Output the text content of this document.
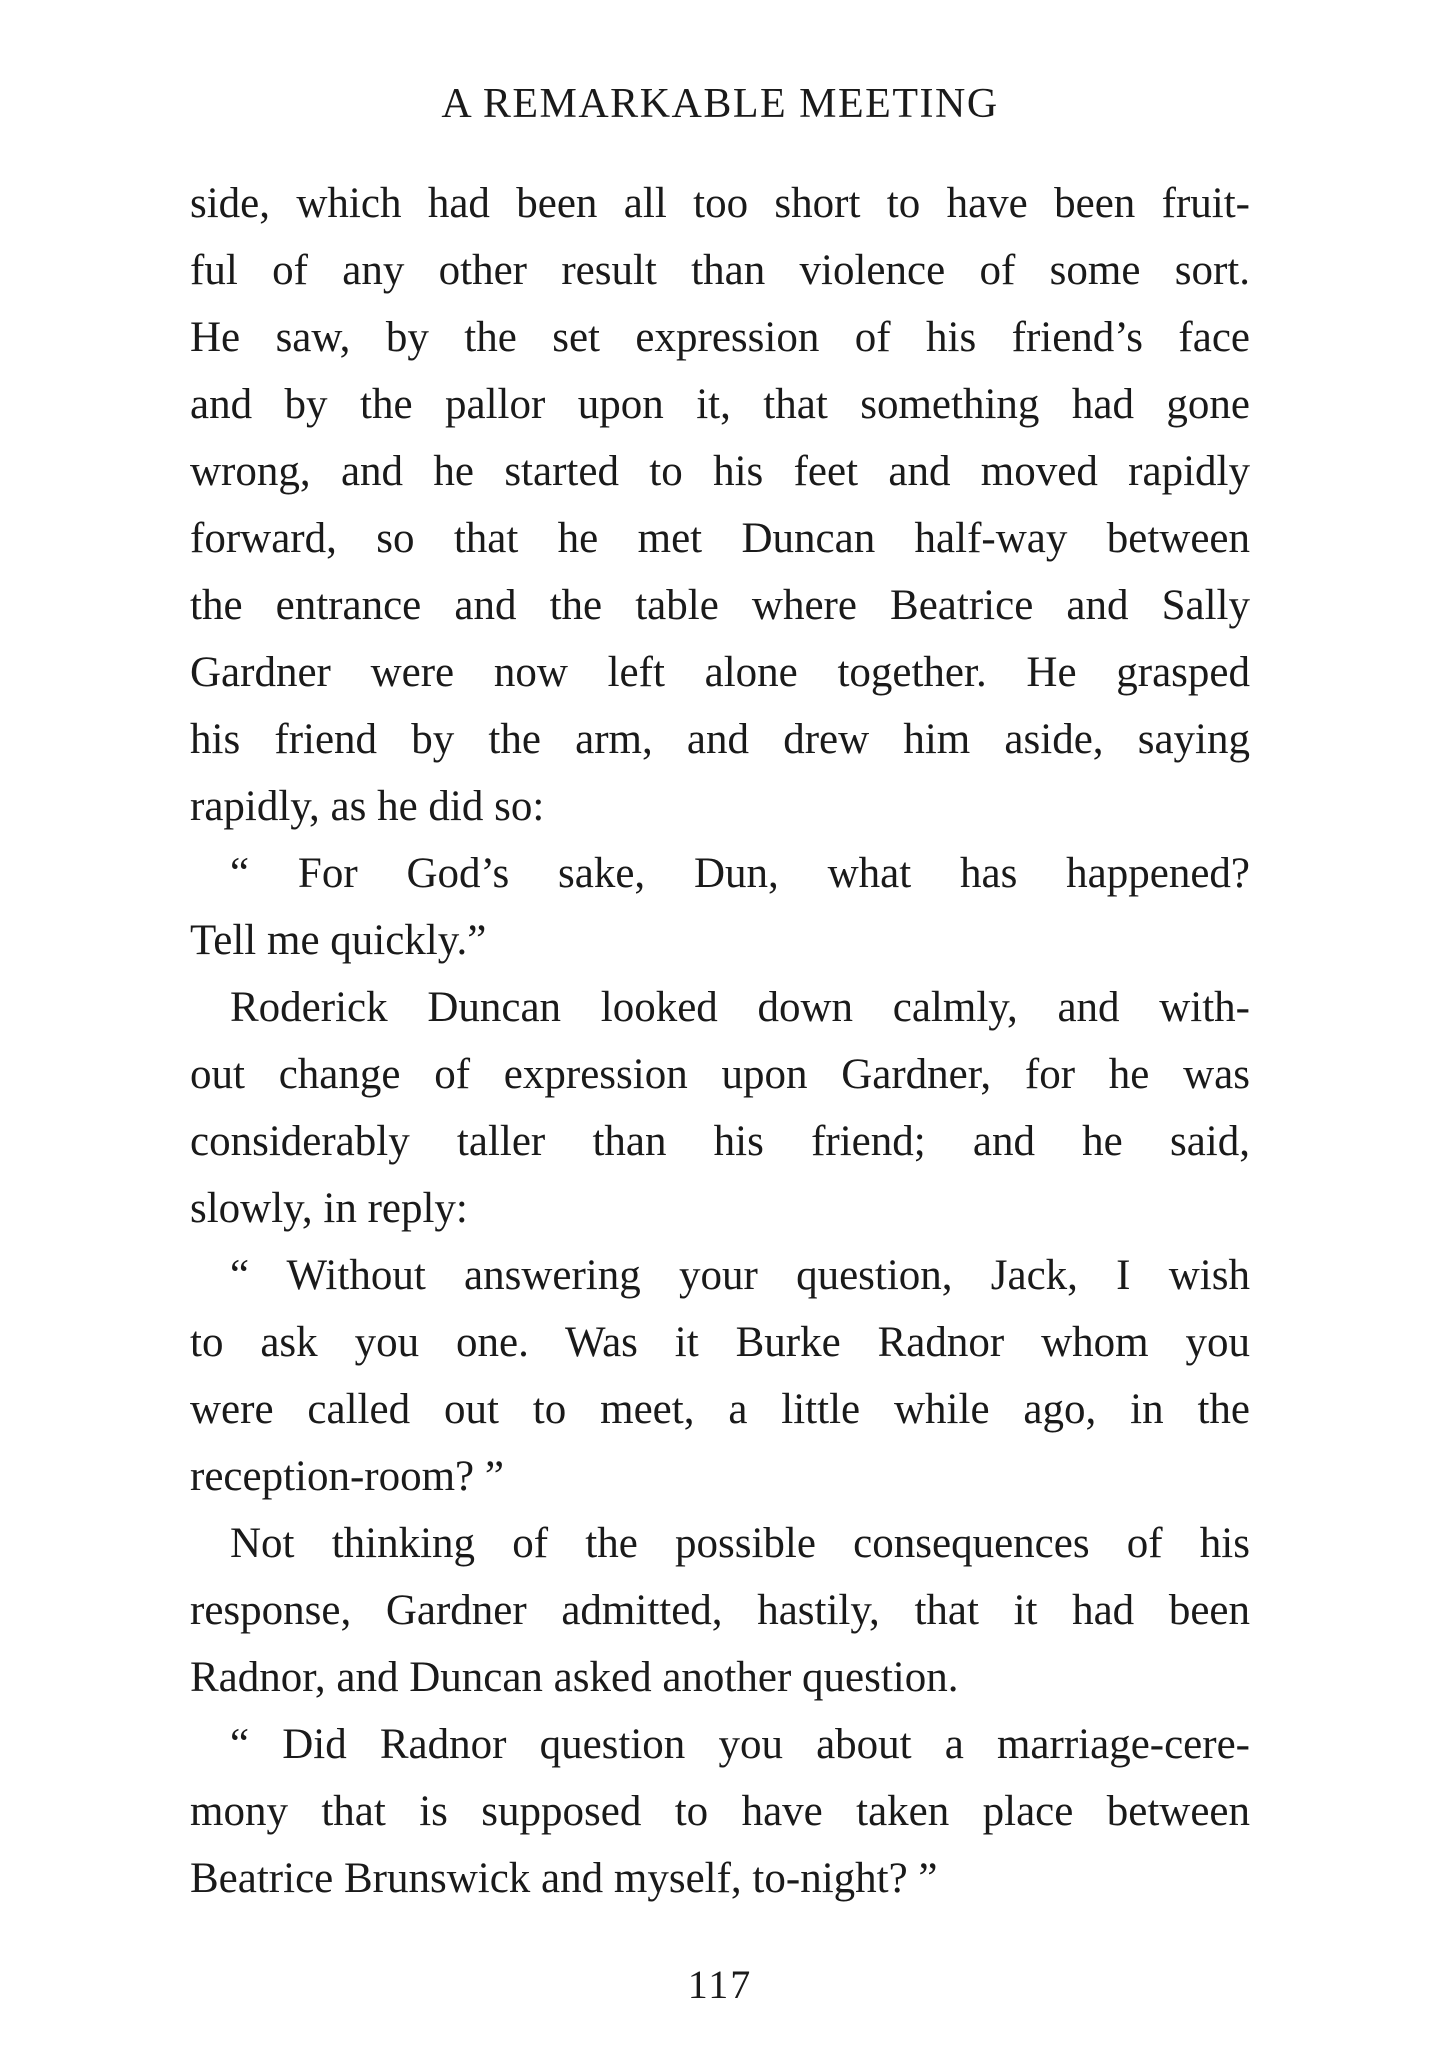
A REMARKABLE MEETING
side, which had been all too short to have been fruit-
ful of any other result than violence of some sort.
He saw, by the set expression of his friend’s face
and by the pallor upon it, that something had gone
wrong, and he started to his feet and moved rapidly
forward, so that he met Duncan half-way between
the entrance and the table where Beatrice and Sally
Gardner were now left alone together. He grasped
his friend by the arm, and drew him aside, saying
rapidly, as he did so:
“ For God’s sake, Dun, what has happened?
Tell me quickly.”
Roderick Duncan looked down calmly, and with-
out change of expression upon Gardner, for he was
considerably taller than his friend; and he said,
slowly, in reply:
“ Without answering your question, Jack, I wish
to ask you one. Was it Burke Radnor whom you
were called out to meet, a little while ago, in the
reception-room? ”
Not thinking of the possible consequences of his
response, Gardner admitted, hastily, that it had been
Radnor, and Duncan asked another question.
“ Did Radnor question you about a marriage-cere-
mony that is supposed to have taken place between
Beatrice Brunswick and myself, to-night? ”
117
